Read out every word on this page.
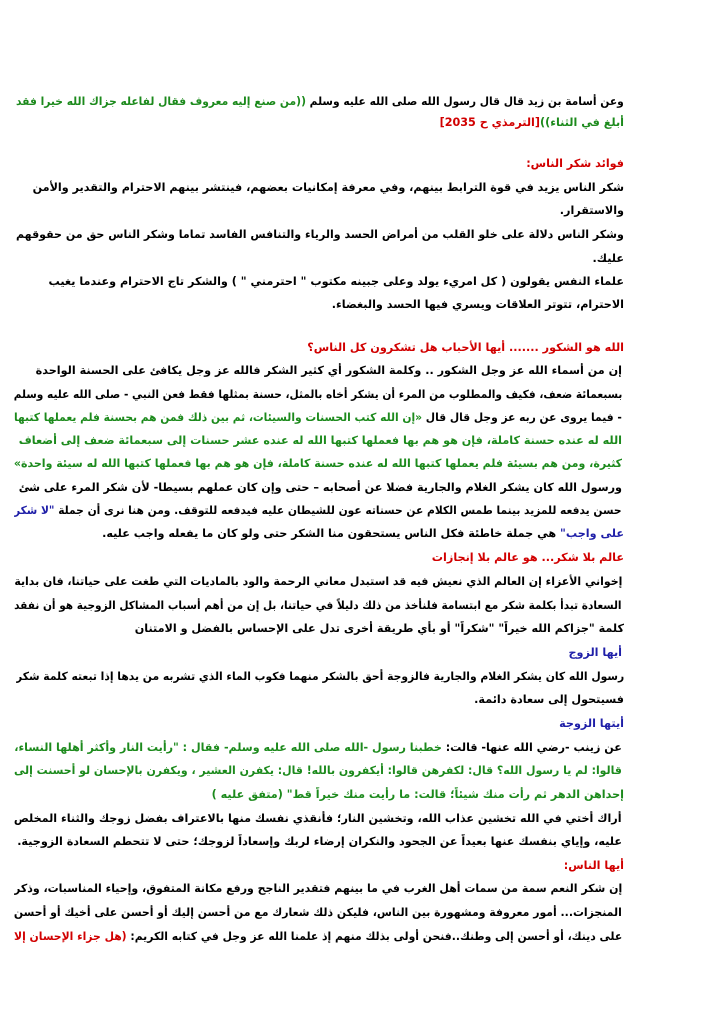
وعن أسامة بن زيد قال قال رسول الله صلى الله عليه وسلم ((من صنع إليه معروف فقال لفاعله جزاك الله خيرا فقد
أبلغ في الثناء))[الترمذي ح 2035]
فوائد شكر الناس:
شكر الناس يزيد في قوة الترابط بينهم، وفي معرفة إمكانيات بعضهم، فينتشر بينهم الاحترام والتقدير والأمن
والاستقرار.
وشكر الناس دلالة على خلو القلب من أمراض الحسد والرياء والتنافس الفاسد تماما وشكر الناس حق من حقوقهم
عليك.
علماء النفس يقولون ( كل امريء يولد وعلى جبينه مكتوب " احترمني " ) والشكر تاج الاحترام وعندما يغيب
الاحترام، تتوتر العلاقات ويسري فيها الحسد والبغضاء.
الله هو الشكور ....... أيها الأحباب هل تشكرون كل الناس؟
إن من أسماء الله عز وجل الشكور .. وكلمة الشكور أي كثير الشكر فالله عز وجل يكافئ على الحسنة الواحدة
بسبعمائة ضعف، فكيف والمطلوب من المرء أن يشكر أخاه بالمثل، حسنة بمثلها فقط فعن النبي - صلى الله عليه وسلم
- فيما يروى عن ربه عز وجل قال قال «إن الله كتب الحسنات والسيئات، ثم بين ذلك فمن هم بحسنة فلم يعملها كتبها
الله له عنده حسنة كاملة، فإن هو هم بها فعملها كتبها الله له عنده عشر حسنات إلى سبعمائة ضعف إلى أضعاف
كثيرة، ومن هم بسيئة فلم يعملها كتبها الله له عنده حسنة كاملة، فإن هو هم بها فعملها كتبها الله له سيئة واحدة»
ورسول الله كان يشكر الغلام والجارية فضلا عن أصحابه – حتى وإن كان عملهم بسيطا- لأن شكر المرء على شئ
حسن يدفعه للمزيد بينما طمس الكلام عن حسناته عون للشيطان عليه فيدفعه للتوقف. ومن هنا نرى أن جملة "لا شكر
على واجب" هي جملة خاطئة فكل الناس يستحقون منا الشكر حتى ولو كان ما يفعله واجب عليه.
عالم بلا شكر... هو عالم بلا إنجازات
إخواني الأعزاء إن العالم الذي نعيش فيه قد استبدل معاني الرحمة والود بالماديات التي طغت على حياتنا، فان بداية
السعادة تبدأ بكلمة شكر مع ابتسامة فلنأخذ من ذلك دليلاً في حياتنا، بل إن من أهم أسباب المشاكل الزوجية هو أن نفقد
كلمة "جزاكم الله خيراً" "شكراً" أو بأي طريقة أخرى تدل على الإحساس بالفضل و الامتنان
أيها الزوج
رسول الله كان يشكر الغلام والجارية فالزوجة أحق بالشكر منهما فكوب الماء الذي تشربه من يدها إذا تبعته كلمة شكر
فسيتحول إلى سعادة دائمة.
أيتها الزوجة
عن زينب -رضي الله عنها- قالت: خطبنا رسول -الله صلى الله عليه وسلم- فقال : "رأيت النار وأكثر أهلها النساء،
قالوا: لم يا رسول الله؟ قال: لكفرهن قالوا: أيكفرون بالله! قال: يكفرن العشير ، ويكفرن بالإحسان لو أحسنت إلى
إحداهن الدهر ثم رأت منك شيئاً؛ قالت: ما رأيت منك خيراً قط" (متفق عليه )
أراك أختي في الله تخشين عذاب الله، وتخشين النار؛ فأنقذي نفسك منها بالاعتراف بفضل زوجك والثناء المخلص
عليه، وإياي بنفسك عنها بعيداً عن الجحود والنكران إرضاء لربك وإسعاداً لزوجك؛ حتى لا تتحطم السعادة الزوجية.
أيها الناس:
إن شكر النعم سمة من سمات أهل الغرب في ما بينهم فتقدير الناجح ورفع مكانة المتفوق، وإحياء المناسبات، وذكر
المنجزات... أمور معروفة ومشهورة بين الناس، فليكن ذلك شعارك مع من أحسن إليك أو أحسن على أخيك أو أحسن
على دينك، أو أحسن إلى وطنك..فنحن أولى بذلك منهم إذ علمنا الله عز وجل في كتابه الكريم: (هل جزاء الإحسان إلا
